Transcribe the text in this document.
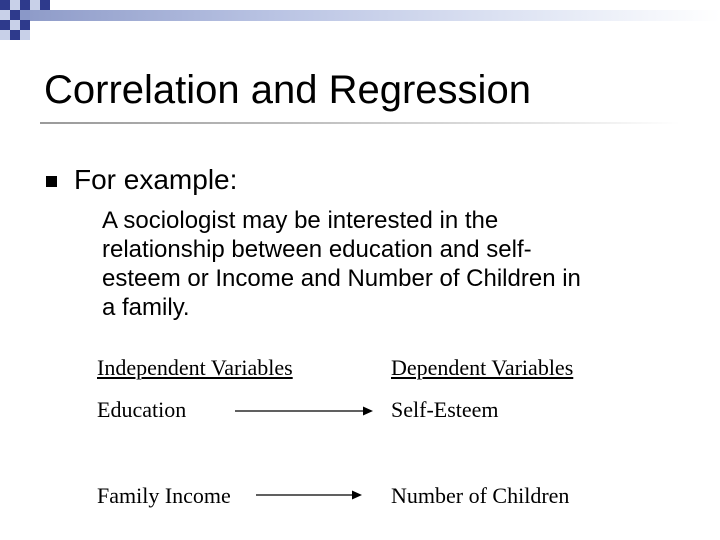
Correlation and Regression
For example:
A sociologist may be interested in the
relationship between education and self-
esteem or Income and Number of Children in
a family.
Independent Variables	Dependent Variables
Education	Self-Esteem
Family Income	Number of Children
